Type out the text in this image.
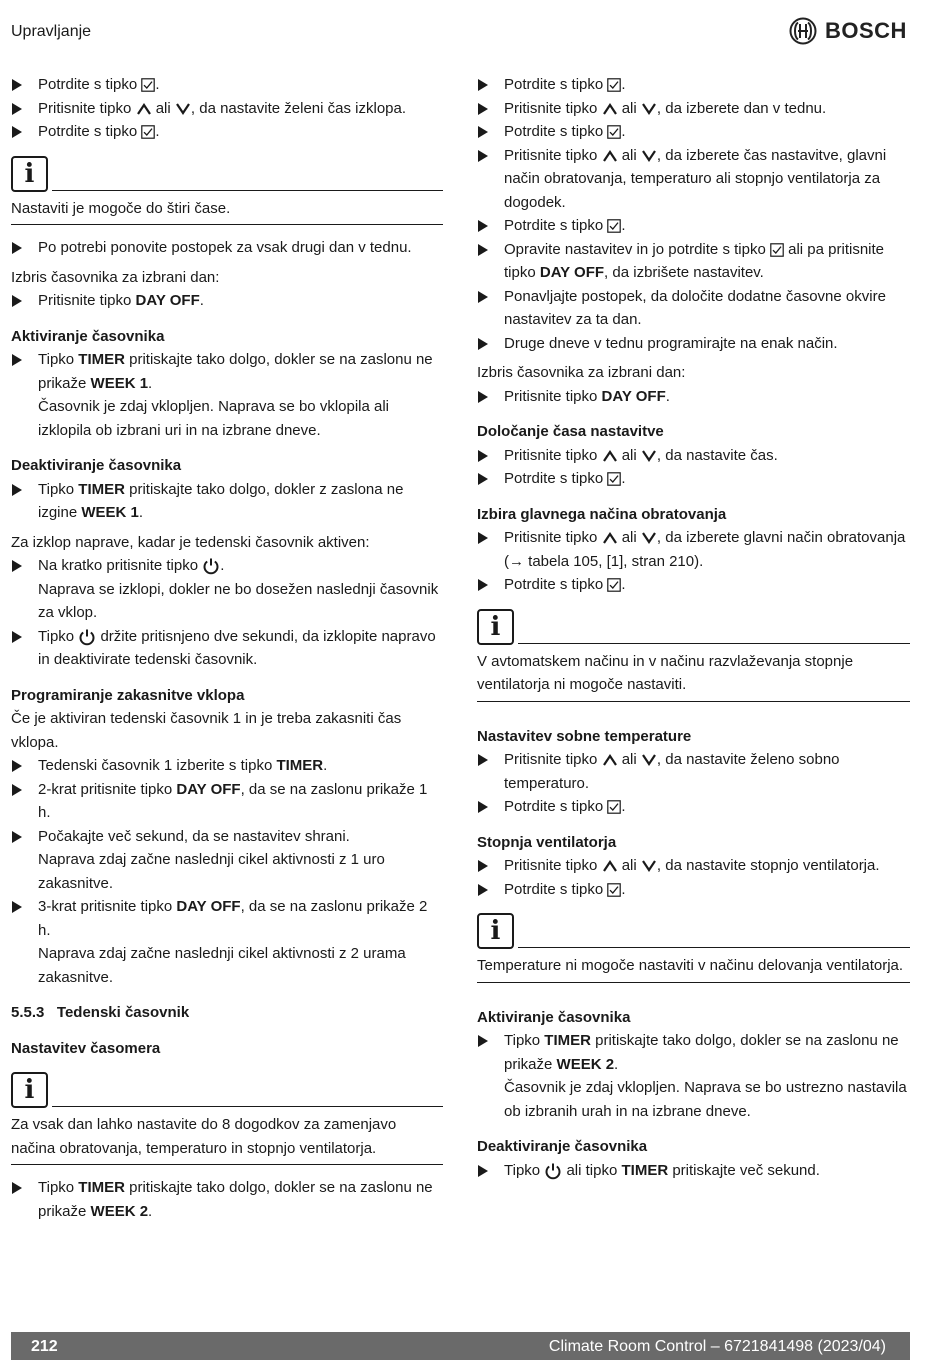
Upravljanje	BOSCH
Potrdite s tipko .
Pritisnite tipko  ali , da nastavite želeni čas izklopa.
Potrdite s tipko .
i
Nastaviti je mogoče do štiri čase.
Po potrebi ponovite postopek za vsak drugi dan v tednu.
Izbris časovnika za izbrani dan:
Pritisnite tipko DAY OFF.
Aktiviranje časovnika
Tipko TIMER pritiskajte tako dolgo, dokler se na zaslonu ne prikaže WEEK 1.
Časovnik je zdaj vklopljen. Naprava se bo vklopila ali izklopila ob izbrani uri in na izbrane dneve.
Deaktiviranje časovnika
Tipko TIMER pritiskajte tako dolgo, dokler z zaslona ne izgine WEEK 1.
Za izklop naprave, kadar je tedenski časovnik aktiven:
Na kratko pritisnite tipko .
Naprava se izklopi, dokler ne bo dosežen naslednji časovnik za vklop.
Tipko  držite pritisnjeno dve sekundi, da izklopite napravo in deaktivirate tedenski časovnik.
Programiranje zakasnitve vklopa
Če je aktiviran tedenski časovnik 1 in je treba zakasniti čas vklopa.
Tedenski časovnik 1 izberite s tipko TIMER.
2-krat pritisnite tipko DAY OFF, da se na zaslonu prikaže 1 h.
Počakajte več sekund, da se nastavitev shrani.
Naprava zdaj začne naslednji cikel aktivnosti z 1 uro zakasnitve.
3-krat pritisnite tipko DAY OFF, da se na zaslonu prikaže 2 h.
Naprava zdaj začne naslednji cikel aktivnosti z 2 urama zakasnitve.
5.5.3 Tedenski časovnik
Nastavitev časomera
i
Za vsak dan lahko nastavite do 8 dogodkov za zamenjavo načina obratovanja, temperaturo in stopnjo ventilatorja.
Tipko TIMER pritiskajte tako dolgo, dokler se na zaslonu ne prikaže WEEK 2.
Potrdite s tipko .
Pritisnite tipko  ali , da izberete dan v tednu.
Potrdite s tipko .
Pritisnite tipko  ali , da izberete čas nastavitve, glavni način obratovanja, temperaturo ali stopnjo ventilatorja za dogodek.
Potrdite s tipko .
Opravite nastavitev in jo potrdite s tipko  ali pa pritisnite tipko DAY OFF, da izbrišete nastavitev.
Ponavljajte postopek, da določite dodatne časovne okvire nastavitev za ta dan.
Druge dneve v tednu programirajte na enak način.
Izbris časovnika za izbrani dan:
Pritisnite tipko DAY OFF.
Določanje časa nastavitve
Pritisnite tipko  ali , da nastavite čas.
Potrdite s tipko .
Izbira glavnega načina obratovanja
Pritisnite tipko  ali , da izberete glavni način obratovanja (→ tabela 105, [1], stran 210).
Potrdite s tipko .
i
V avtomatskem načinu in v načinu razvlaževanja stopnje ventilatorja ni mogoče nastaviti.
Nastavitev sobne temperature
Pritisnite tipko  ali , da nastavite želeno sobno temperaturo.
Potrdite s tipko .
Stopnja ventilatorja
Pritisnite tipko  ali , da nastavite stopnjo ventilatorja.
Potrdite s tipko .
i
Temperature ni mogoče nastaviti v načinu delovanja ventilatorja.
Aktiviranje časovnika
Tipko TIMER pritiskajte tako dolgo, dokler se na zaslonu ne prikaže WEEK 2.
Časovnik je zdaj vklopljen. Naprava se bo ustrezno nastavila ob izbranih urah in na izbrane dneve.
Deaktiviranje časovnika
Tipko  ali tipko TIMER pritiskajte več sekund.
212	Climate Room Control – 6721841498 (2023/04)
